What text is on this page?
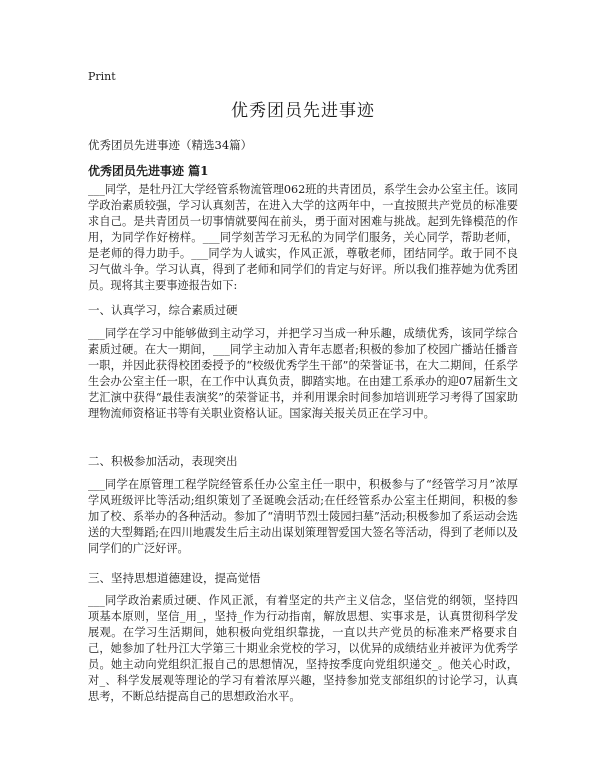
Print
优秀团员先进事迹

优秀团员先进事迹（精选34篇）

优秀团员先进事迹 篇1

___同学，是牡丹江大学经管系物流管理062班的共青团员，系学生会办公室主任。该同学政治素质较强，学习认真刻苦，在进入大学的这两年中，一直按照共产党员的标准要求自己。是共青团员一切事情就要闯在前头，勇于面对困难与挑战。起到先锋模范的作用，为同学作好榜样。___同学刻苦学习无私的为同学们服务，关心同学，帮助老师，是老师的得力助手。___同学为人诚实，作风正派，尊敬老师，团结同学。敢于同不良习气做斗争。学习认真，得到了老师和同学们的肯定与好评。所以我们推荐她为优秀团员。现将其主要事迹报告如下:

一、认真学习，综合素质过硬

___同学在学习中能够做到主动学习，并把学习当成一种乐趣，成绩优秀，该同学综合素质过硬。在大一期间，___同学主动加入青年志愿者;积极的参加了校园广播站任播音一职，并因此获得校团委授予的“校级优秀学生干部”的荣誉证书，在大二期间，任系学生会办公室主任一职，在工作中认真负责，脚踏实地。在由建工系承办的迎07届新生文艺汇演中获得“最佳表演奖”的荣誉证书，并利用课余时间参加培训班学习考得了国家助理物流师资格证书等有关职业资格认证。国家海关报关员正在学习中。

二、积极参加活动，表现突出

___同学在原管理工程学院经管系任办公室主任一职中，积极参与了“经管学习月”浓厚学风班级评比等活动;组织策划了圣诞晚会活动;在任经管系办公室主任期间，积极的参加了校、系举办的各种活动。参加了“清明节烈士陵园扫墓”活动;积极参加了系运动会选送的大型舞蹈;在四川地震发生后主动出谋划策理智爱国大签名等活动，得到了老师以及同学们的广泛好评。

三、坚持思想道德建设，提高觉悟

___同学政治素质过硬、作风正派，有着坚定的共产主义信念，坚信党的纲领，坚持四项基本原则，坚信_用_，坚持_作为行动指南，解放思想、实事求是，认真贯彻科学发展观。在学习生活期间，她积极向党组织靠拢，一直以共产党员的标准来严格要求自己，她参加了牡丹江大学第三十期业余党校的学习，以优异的成绩结业并被评为优秀学员。她主动向党组织汇报自己的思想情况，坚持按季度向党组织递交_。他关心时政，对_、科学发展观等理论的学习有着浓厚兴趣，坚持参加党支部组织的讨论学习，认真思考，不断总结提高自己的思想政治水平。
